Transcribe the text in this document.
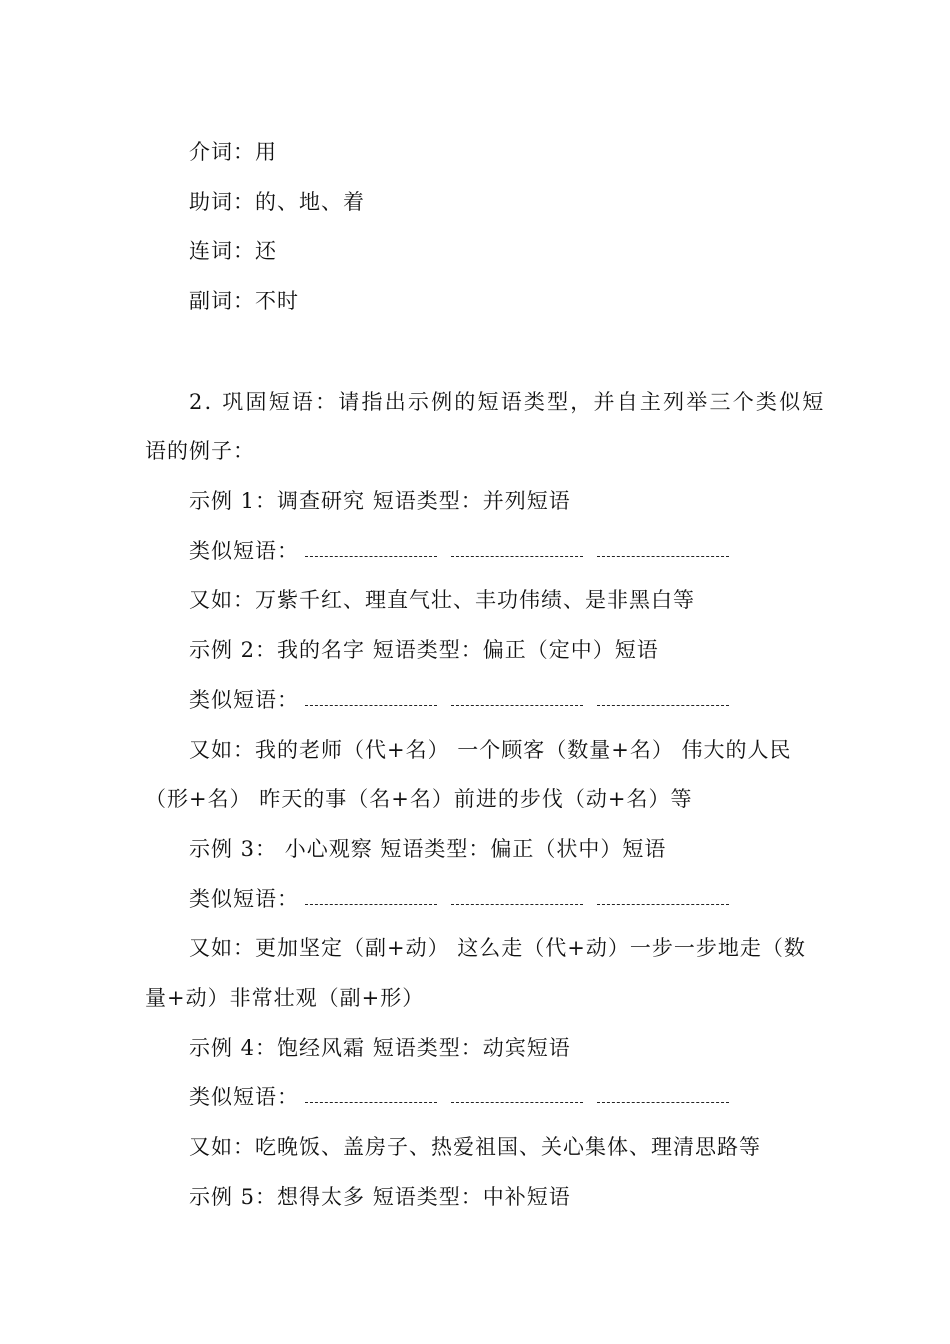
介词：用
助词：的、地、着
连词：还
副词：不时
2. 巩固短语：请指出示例的短语类型，并自主列举三个类似短
语的例子：
示例 1：调查研究 短语类型：并列短语
类似短语：
又如：万紫千红、理直气壮、丰功伟绩、是非黑白等
示例 2：我的名字 短语类型：偏正（定中）短语
类似短语：
又如：我的老师（代+名） 一个顾客（数量+名） 伟大的人民
（形+名） 昨天的事（名+名）前进的步伐（动+名）等
示例 3： 小心观察 短语类型：偏正（状中）短语
类似短语：
又如：更加坚定（副+动） 这么走（代+动）一步一步地走（数
量+动）非常壮观（副+形）
示例 4：饱经风霜 短语类型：动宾短语
类似短语：
又如：吃晚饭、盖房子、热爱祖国、关心集体、理清思路等
示例 5：想得太多 短语类型：中补短语
